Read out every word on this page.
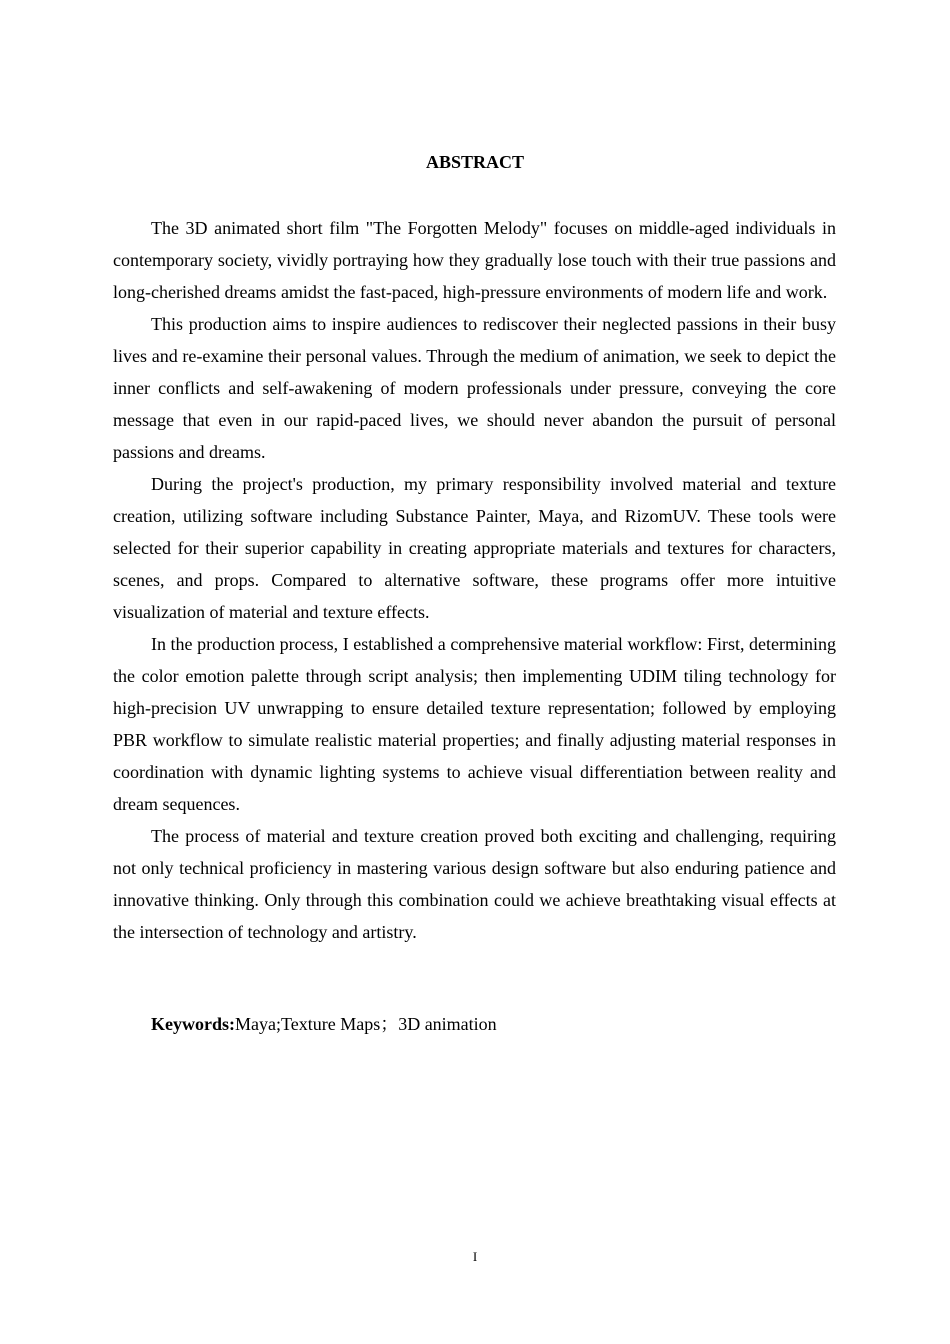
ABSTRACT

The 3D animated short film "The Forgotten Melody" focuses on middle-aged individuals in contemporary society, vividly portraying how they gradually lose touch with their true passions and long-cherished dreams amidst the fast-paced, high-pressure environments of modern life and work.

This production aims to inspire audiences to rediscover their neglected passions in their busy lives and re-examine their personal values. Through the medium of animation, we seek to depict the inner conflicts and self-awakening of modern professionals under pressure, conveying the core message that even in our rapid-paced lives, we should never abandon the pursuit of personal passions and dreams.

During the project's production, my primary responsibility involved material and texture creation, utilizing software including Substance Painter, Maya, and RizomUV. These tools were selected for their superior capability in creating appropriate materials and textures for characters, scenes, and props. Compared to alternative software, these programs offer more intuitive visualization of material and texture effects.

In the production process, I established a comprehensive material workflow: First, determining the color emotion palette through script analysis; then implementing UDIM tiling technology for high-precision UV unwrapping to ensure detailed texture representation; followed by employing PBR workflow to simulate realistic material properties; and finally adjusting material responses in coordination with dynamic lighting systems to achieve visual differentiation between reality and dream sequences.

The process of material and texture creation proved both exciting and challenging, requiring not only technical proficiency in mastering various design software but also enduring patience and innovative thinking. Only through this combination could we achieve breathtaking visual effects at the intersection of technology and artistry.

Keywords:Maya;Texture Maps；3D animation

I
